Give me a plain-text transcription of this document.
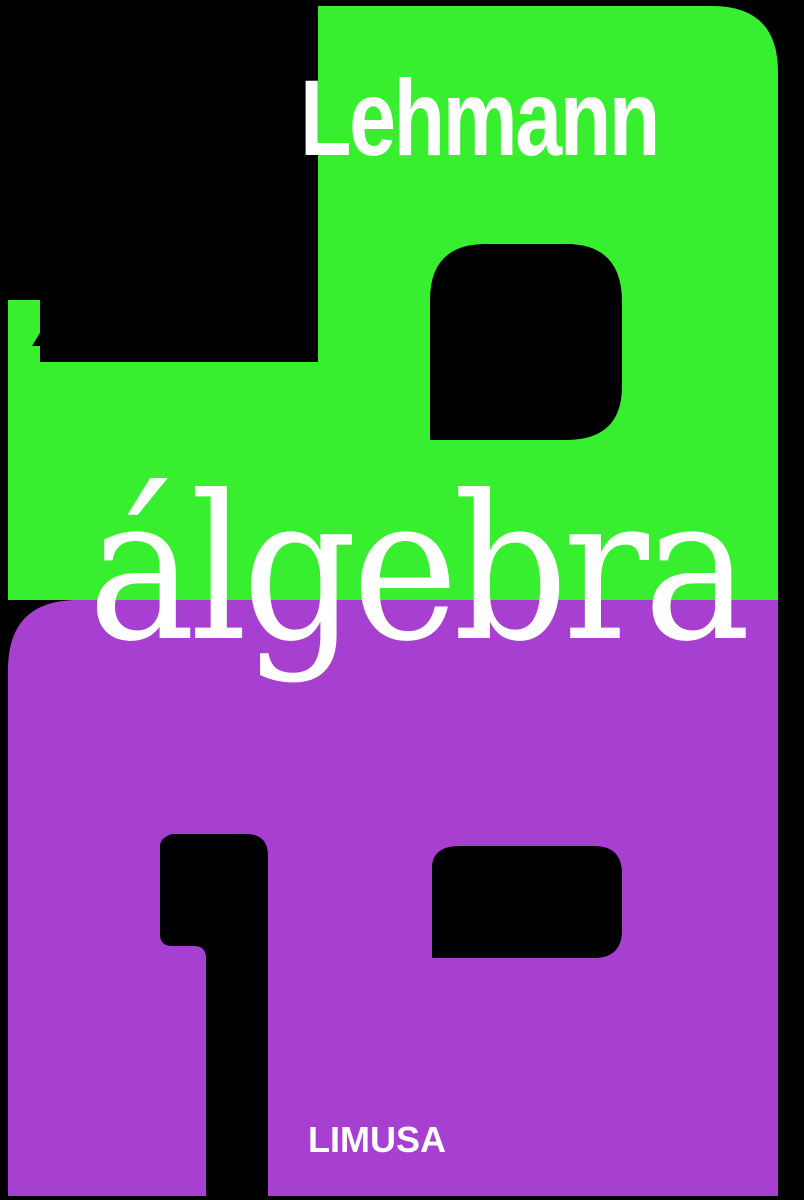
Lehmann
álgebra
LIMUSA
